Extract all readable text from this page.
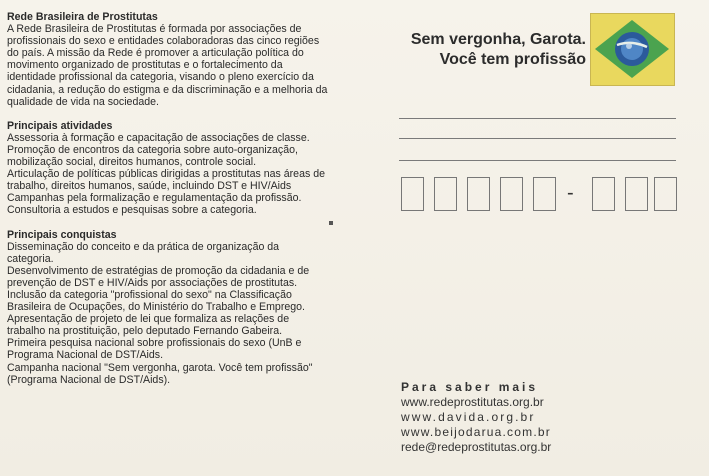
Rede Brasileira de Prostitutas

A Rede Brasileira de Prostitutas é formada por associações de

profissionais do sexo e entidades colaboradoras das cinco regiões

do país. A missão da Rede é promover a articulação política do

movimento organizado de prostitutas e o fortalecimento da

identidade profissional da categoria, visando o pleno exercício da

cidadania, a redução do estigma e da discriminação e a melhoria da

qualidade de vida na sociedade.

Principais atividades

Assessoria à formação e capacitação de associações de classe.

Promoção de encontros da categoria sobre auto-organização,

mobilização social, direitos humanos, controle social.

Articulação de políticas públicas dirigidas a prostitutas nas áreas de

trabalho, direitos humanos, saúde, incluindo DST e HIV/Aids

Campanhas pela formalização e regulamentação da profissão.

Consultoria a estudos e pesquisas sobre a categoria.

Principais conquistas

Disseminação do conceito e da prática de organização da

categoria.

Desenvolvimento de estratégias de promoção da cidadania e de

prevenção de DST e HIV/Aids por associações de prostitutas.

Inclusão da categoria "profissional do sexo" na Classificação

Brasileira de Ocupações, do Ministério do Trabalho e Emprego.

Apresentação de projeto de lei que formaliza as relações de

trabalho na prostituição, pelo deputado Fernando Gabeira.

Primeira pesquisa nacional sobre profissionais do sexo (UnB e

Programa Nacional de DST/Aids.

Campanha nacional "Sem vergonha, garota. Você tem profissão"

(Programa Nacional de DST/Aids).

Sem vergonha, Garota.
Você tem profissão
-
Para saber mais
www.redeprostitutas.org.br
www.davida.org.br
www.beijodarua.com.br
rede@redeprostitutas.org.br
